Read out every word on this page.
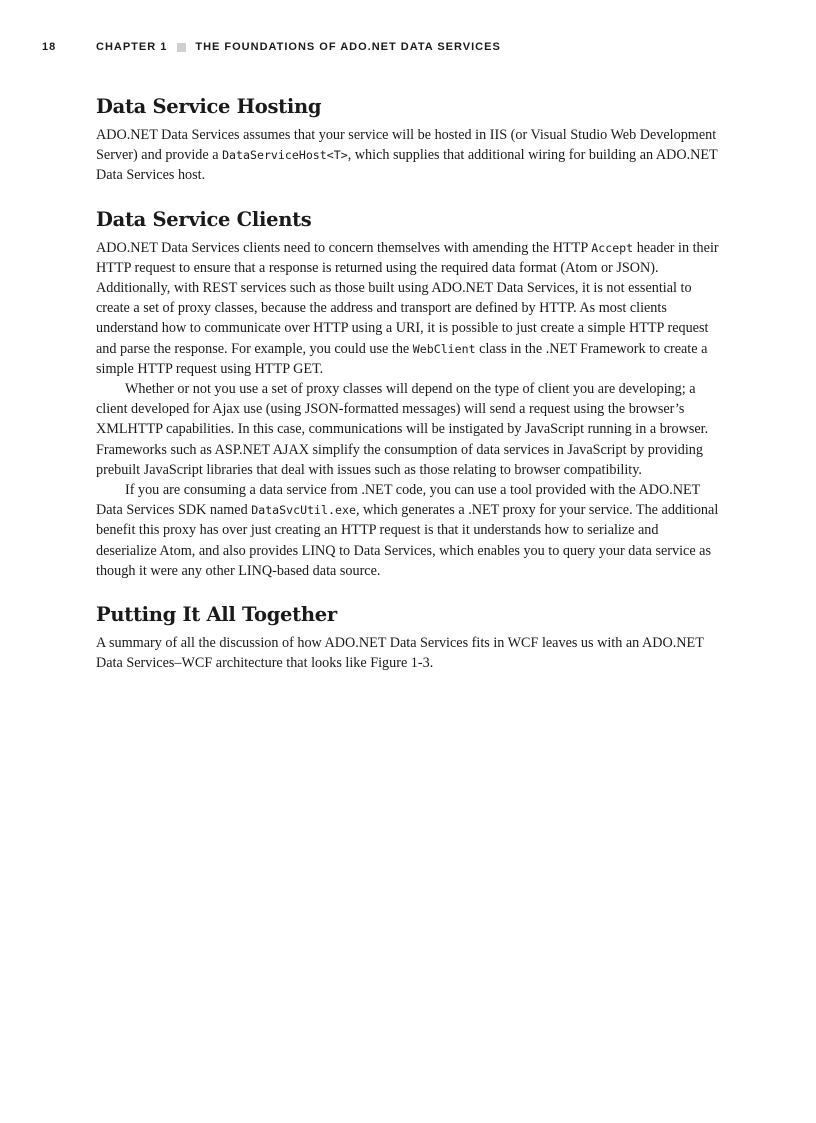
18	CHAPTER 1	THE FOUNDATIONS OF ADO.NET DATA SERVICES
Data Service Hosting

ADO.NET Data Services assumes that your service will be hosted in IIS (or Visual Studio Web Development Server) and provide a DataServiceHost<T>, which supplies that additional wiring for building an ADO.NET Data Services host.

Data Service Clients

ADO.NET Data Services clients need to concern themselves with amending the HTTP Accept header in their HTTP request to ensure that a response is returned using the required data format (Atom or JSON). Additionally, with REST services such as those built using ADO.NET Data Services, it is not essential to create a set of proxy classes, because the address and transport are defined by HTTP. As most clients understand how to communicate over HTTP using a URI, it is possible to just create a simple HTTP request and parse the response. For example, you could use the WebClient class in the .NET Framework to create a simple HTTP request using HTTP GET.

Whether or not you use a set of proxy classes will depend on the type of client you are developing; a client developed for Ajax use (using JSON-formatted messages) will send a request using the browser’s XMLHTTP capabilities. In this case, communications will be instigated by JavaScript running in a browser. Frameworks such as ASP.NET AJAX simplify the consumption of data services in JavaScript by providing prebuilt JavaScript libraries that deal with issues such as those relating to browser compatibility.

If you are consuming a data service from .NET code, you can use a tool provided with the ADO.NET Data Services SDK named DataSvcUtil.exe, which generates a .NET proxy for your service. The additional benefit this proxy has over just creating an HTTP request is that it understands how to serialize and deserialize Atom, and also provides LINQ to Data Services, which enables you to query your data service as though it were any other LINQ-based data source.

Putting It All Together

A summary of all the discussion of how ADO.NET Data Services fits in WCF leaves us with an ADO.NET Data Services–WCF architecture that looks like Figure 1-3.
